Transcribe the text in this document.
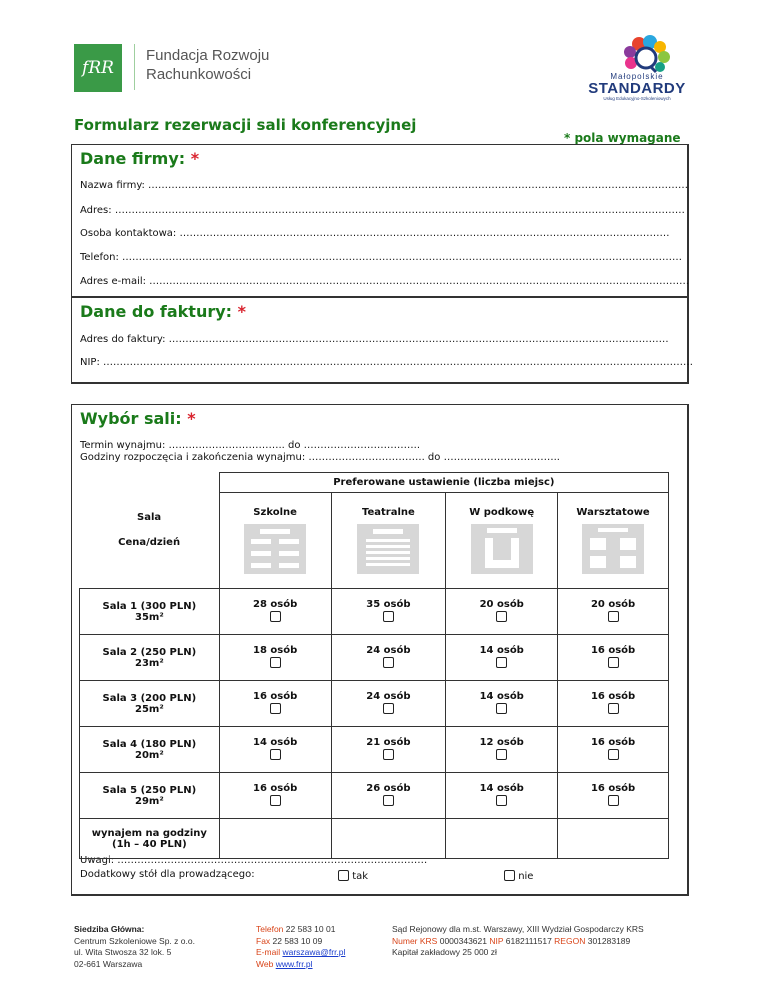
fRR
Fundacja Rozwoju
Rachunkowości	Małopolskie
STANDARDY
Usług Edukacyjno-Szkoleniowych
Formularz rezerwacji sali konferencyjnej
* pola wymagane
Dane firmy: *
Nazwa firmy: ………………………………………………………………………………………………………………………………………………
Adres: ………………………………………………………………………………………………………………………………………………………
Osoba kontaktowa: …………………………………………………………………………………………………………………………………
Telefon: ……………………………………………………………………………………………………………………………………………………
Adres e-mail: ………………………………………………………………………………………………………………………………………………
Dane do faktury: *
Adres do faktury: ……………………………………………………………………………………………………………………………………
NIP: ……………………………………………………………………………………………………………………………………………………………
Wybór sali: *
Termin wynajmu: …………………………….. do ……………………………..
Godziny rozpoczęcia i zakończenia wynajmu: …………………………….. do ……………………………..
Uwagi: …………………………………………………………………………………
Dodatkowy stół dla prowadzącego:	tak	nie
Sala
Cena/dzień	Preferowane ustawienie (liczba miejsc)			

	Szkolne	Teatralne	W podkowę	Warsztatowe

Sala 1 (300 PLN)
35m²	28 osób	35 osób	20 osób	20 osób

Sala 2 (250 PLN)
23m²	18 osób	24 osób	14 osób	16 osób

Sala 3 (200 PLN)
25m²	16 osób	24 osób	14 osób	16 osób

Sala 4 (180 PLN)
20m²	14 osób	21 osób	12 osób	16 osób

Sala 5 (250 PLN)
29m²	16 osób	26 osób	14 osób	16 osób

wynajem na godziny
(1h – 40 PLN)				

Siedziba Główna:
Centrum Szkoleniowe Sp. z o.o.
ul. Wita Stwosza 32 lok. 5
02-661 Warszawa
Telefon 22 583 10 01
Fax 22 583 10 09
E-mail warszawa@frr.pl
Web www.frr.pl
Sąd Rejonowy dla m.st. Warszawy, XIII Wydział Gospodarczy KRS
Numer KRS 0000343621 NIP 6182111517 REGON 301283189
Kapitał zakładowy 25 000 zł
